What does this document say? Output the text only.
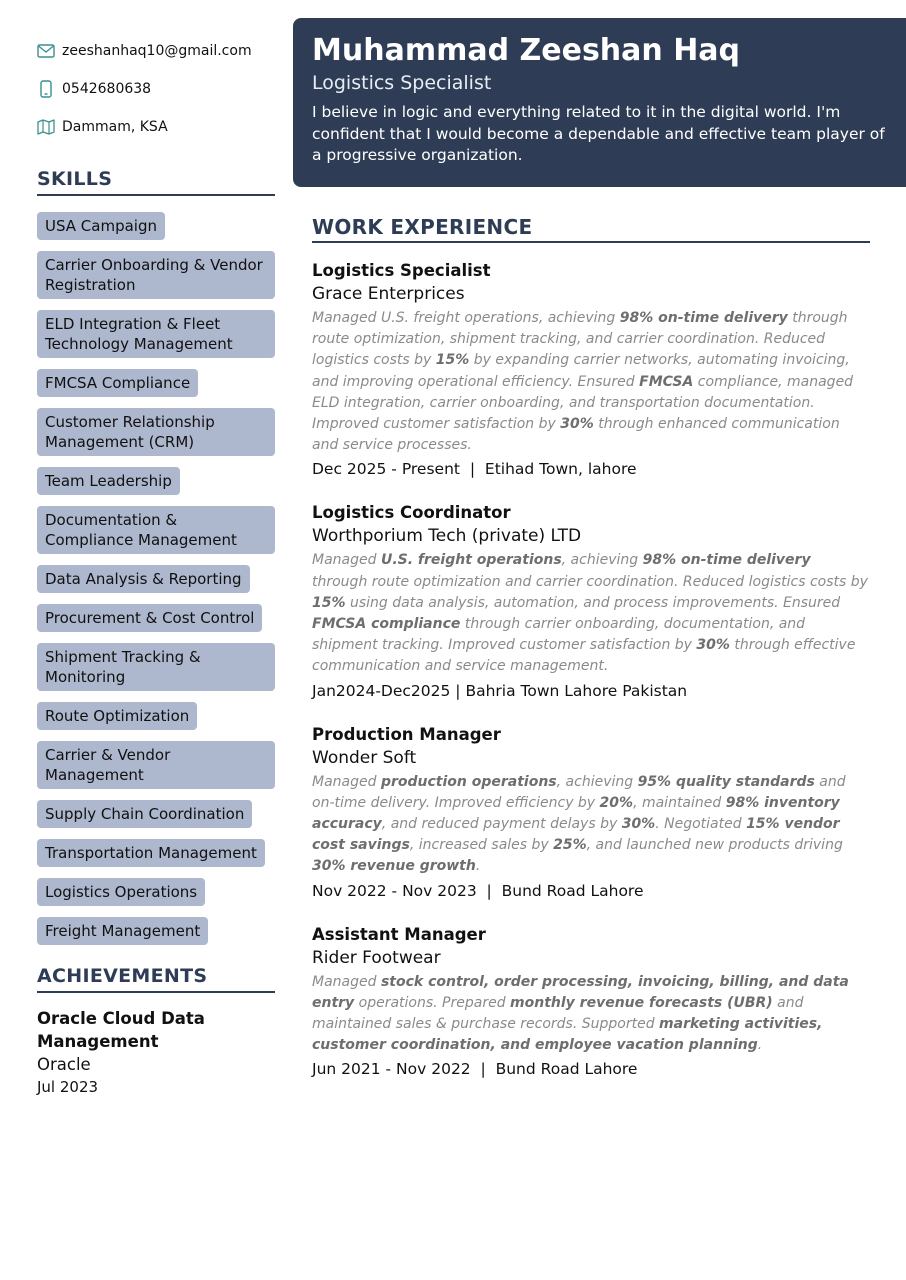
zeeshanhaq10@gmail.com
0542680638
Dammam, KSA
SKILLS
USA Campaign
Carrier Onboarding & Vendor Registration
ELD Integration & Fleet Technology Management
FMCSA Compliance
Customer Relationship Management (CRM)
Team Leadership
Documentation & Compliance Management
Data Analysis & Reporting
Procurement & Cost Control
Shipment Tracking & Monitoring
Route Optimization
Carrier & Vendor Management
Supply Chain Coordination
Transportation Management
Logistics Operations
Freight Management
ACHIEVEMENTS
Oracle Cloud Data Management
Oracle
Jul 2023
Muhammad Zeeshan Haq
Logistics Specialist
I believe in logic and everything related to it in the digital world. I'm confident that I would become a dependable and effective team player of a progressive organization.
WORK EXPERIENCE
Logistics Specialist
Grace Enterprices
Managed U.S. freight operations, achieving 98% on-time delivery through route optimization, shipment tracking, and carrier coordination. Reduced logistics costs by 15% by expanding carrier networks, automating invoicing, and improving operational efficiency. Ensured FMCSA compliance, managed ELD integration, carrier onboarding, and transportation documentation. Improved customer satisfaction by 30% through enhanced communication and service processes.
Dec 2025 - Present  |  Etihad Town, lahore
Logistics Coordinator
Worthporium Tech (private) LTD
Managed U.S. freight operations, achieving 98% on-time delivery through route optimization and carrier coordination. Reduced logistics costs by 15% using data analysis, automation, and process improvements. Ensured FMCSA compliance through carrier onboarding, documentation, and shipment tracking. Improved customer satisfaction by 30% through effective communication and service management.
Jan2024-Dec2025 | Bahria Town Lahore Pakistan
Production Manager
Wonder Soft
Managed production operations, achieving 95% quality standards and on-time delivery. Improved efficiency by 20%, maintained 98% inventory accuracy, and reduced payment delays by 30%. Negotiated 15% vendor cost savings, increased sales by 25%, and launched new products driving 30% revenue growth.
Nov 2022 - Nov 2023  |  Bund Road Lahore
Assistant Manager
Rider Footwear
Managed stock control, order processing, invoicing, billing, and data entry operations. Prepared monthly revenue forecasts (UBR) and maintained sales & purchase records. Supported marketing activities, customer coordination, and employee vacation planning.
Jun 2021 - Nov 2022  |  Bund Road Lahore
